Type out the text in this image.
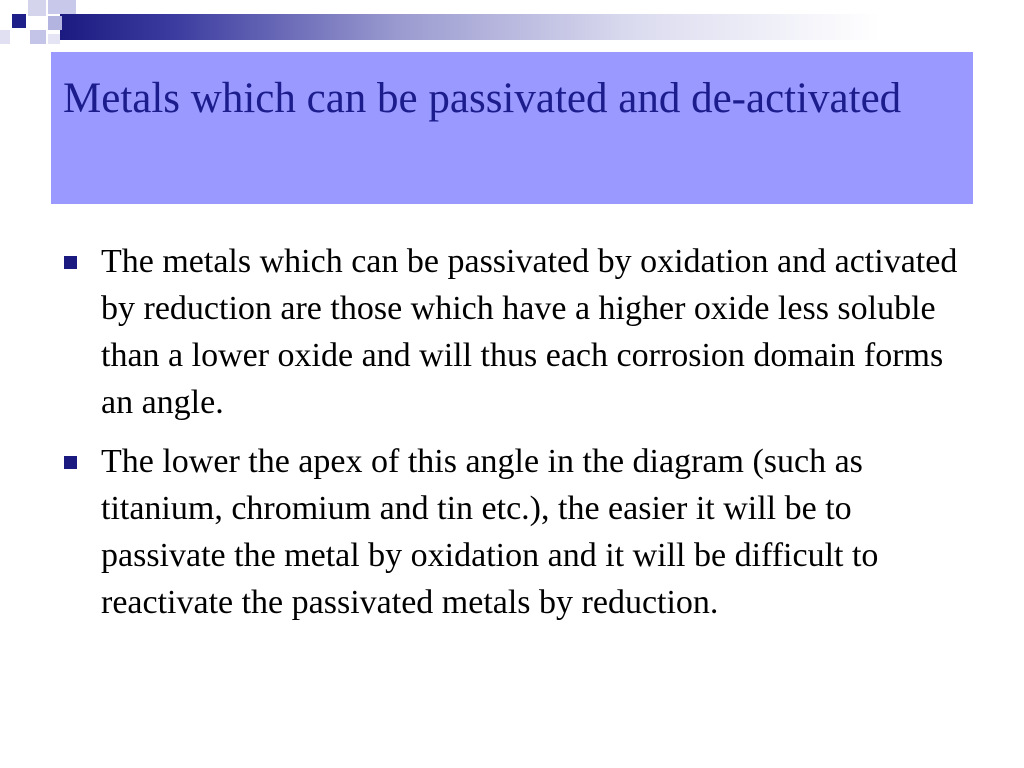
Metals which can be passivated and de-activated
The metals which can be passivated by oxidation and activated by reduction are those which have a higher oxide less soluble than a lower oxide and will thus each corrosion domain forms an angle.
The lower the apex of this angle in the diagram (such as titanium, chromium and tin etc.), the easier it will be to passivate the metal by oxidation and it will be difficult to reactivate the passivated metals by reduction.
